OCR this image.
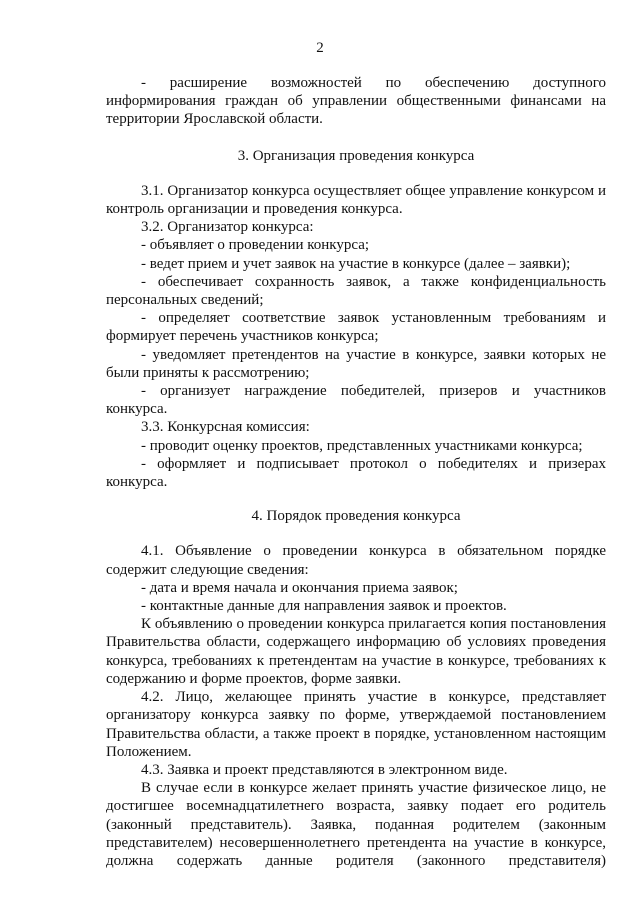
2

- расширение возможностей по обеспечению доступного информирования граждан об управлении общественными финансами на территории Ярославской области.

3. Организация проведения конкурса

3.1. Организатор конкурса осуществляет общее управление конкурсом и контроль организации и проведения конкурса.

3.2. Организатор конкурса:

- объявляет о проведении конкурса;

- ведет прием и учет заявок на участие в конкурсе (далее – заявки);

- обеспечивает сохранность заявок, а также конфиденциальность персональных сведений;

- определяет соответствие заявок установленным требованиям и формирует перечень участников конкурса;

- уведомляет претендентов на участие в конкурсе, заявки которых не были приняты к рассмотрению;

- организует награждение победителей, призеров и участников конкурса.

3.3. Конкурсная комиссия:

- проводит оценку проектов, представленных участниками конкурса;

- оформляет и подписывает протокол о победителях и призерах конкурса.

4. Порядок проведения конкурса

4.1. Объявление о проведении конкурса в обязательном порядке содержит следующие сведения:

- дата и время начала и окончания приема заявок;

- контактные данные для направления заявок и проектов.

К объявлению о проведении конкурса прилагается копия постановления Правительства области, содержащего информацию об условиях проведения конкурса, требованиях к претендентам на участие в конкурсе, требованиях к содержанию и форме проектов, форме заявки.

4.2. Лицо, желающее принять участие в конкурсе, представляет организатору конкурса заявку по форме, утверждаемой постановлением Правительства области, а также проект в порядке, установленном настоящим Положением.

4.3. Заявка и проект представляются в электронном виде.

В случае если в конкурсе желает принять участие физическое лицо, не достигшее восемнадцатилетнего возраста, заявку подает его родитель (законный представитель). Заявка, поданная родителем (законным представителем) несовершеннолетнего претендента на участие в конкурсе, должна содержать данные родителя (законного представителя)
